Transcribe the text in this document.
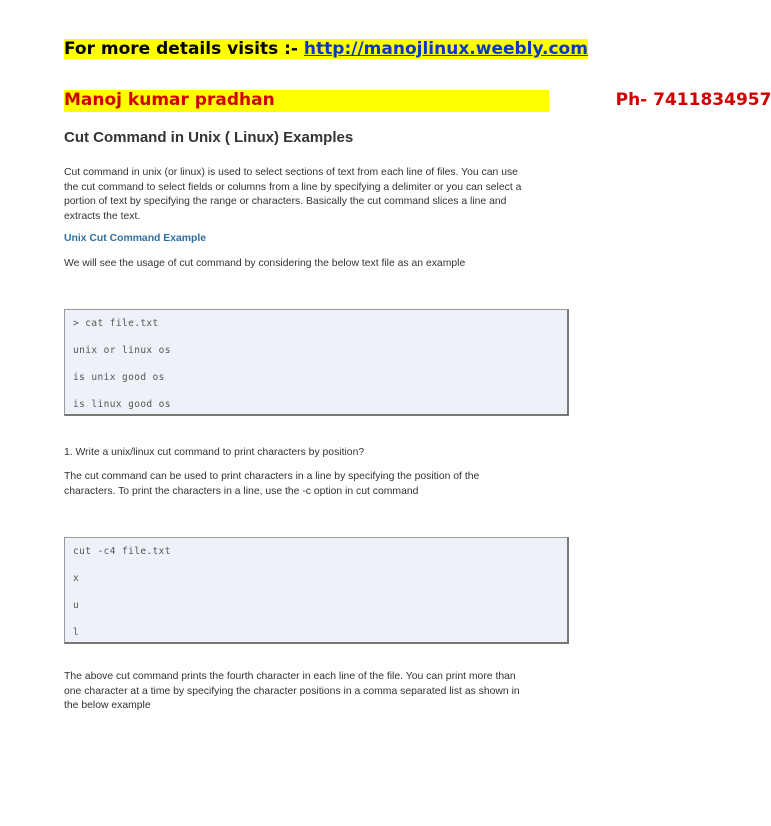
For more details visits :- http://manojlinux.weebly.com
Manoj kumar pradhan	Ph- 7411834957
Cut Command in Unix ( Linux) Examples
Cut command in unix (or linux) is used to select sections of text from each line of files. You can use
the cut command to select fields or columns from a line by specifying a delimiter or you can select a
portion of text by specifying the range or characters. Basically the cut command slices a line and
extracts the text.
Unix Cut Command Example
We will see the usage of cut command by considering the below text file as an example
> cat file.txt
unix or linux os
is unix good os
is linux good os
1. Write a unix/linux cut command to print characters by position?
The cut command can be used to print characters in a line by specifying the position of the
characters. To print the characters in a line, use the -c option in cut command
cut -c4 file.txt
x
u
l
The above cut command prints the fourth character in each line of the file. You can print more than
one character at a time by specifying the character positions in a comma separated list as shown in
the below example
